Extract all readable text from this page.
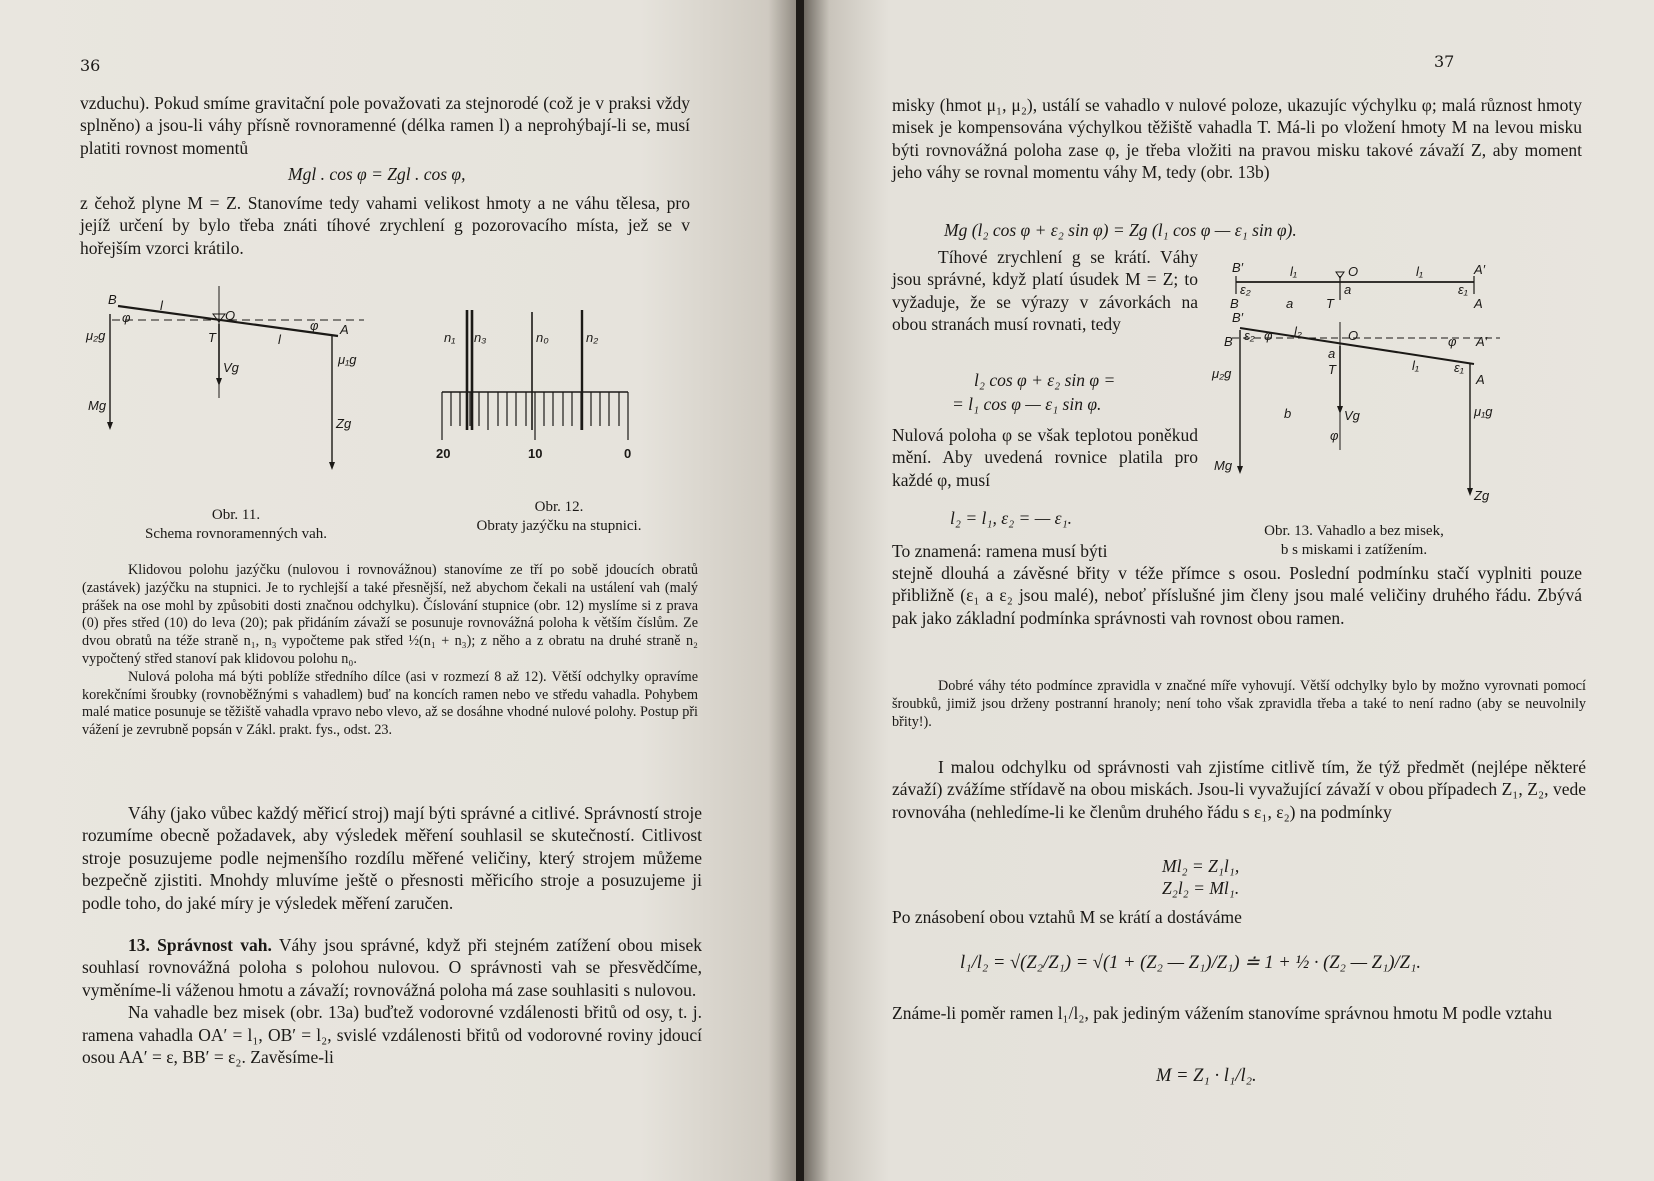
36

vzduchu). Pokud smíme gravitační pole považovati za stejnorodé (což je v praksi vždy splněno) a jsou-li váhy přísně rovnoramenné (délka ramen l) a neprohýbají-li se, musí platiti rovnost momentů

Mgl . cos φ = Zgl . cos φ,

z čehož plyne M = Z. Stanovíme tedy vahami velikost hmoty a ne váhu tělesa, pro jejíž určení by bylo třeba znáti tíhové zrychlení g pozorovacího místa, jež se v hořejším vzorci krátilo.

B	l
l
O
φ
A
φ
T
μ₂g
Vg
μ₁g
Mg
Zg
Obr. 11.
Schema rovnoramenných vah.
n₁ n₃	n₀	n₂
20	10	0
Obr. 12.
Obraty jazýčku na stupnici.

Klidovou polohu jazýčku (nulovou i rovnovážnou) stanovíme ze tří po sobě jdoucích obratů (zastávek) jazýčku na stupnici. Je to rychlejší a také přesnější, než abychom čekali na ustálení vah (malý prášek na ose mohl by způsobiti dosti značnou odchylku). Číslování stupnice (obr. 12) myslíme si z prava (0) přes střed (10) do leva (20); pak přidáním závaží se posunuje rovnovážná poloha k větším číslům. Ze dvou obratů na téže straně n₁, n₃ vypočteme pak střed ½(n₁ + n₃); z něho a z obratu na druhé straně n₂ vypočtený střed stanoví pak klidovou polohu n₀.

Nulová poloha má býti poblíže středního dílce (asi v rozmezí 8 až 12). Větší odchylky opravíme korekčními šroubky (rovnoběžnými s vahadlem) buď na koncích ramen nebo ve středu vahadla. Pohybem malé matice posunuje se těžiště vahadla vpravo nebo vlevo, až se dosáhne vhodné nulové polohy. Postup při vážení je zevrubně popsán v Zákl. prakt. fys., odst. 23.

Váhy (jako vůbec každý měřicí stroj) mají býti správné a citlivé. Správností stroje rozumíme obecně požadavek, aby výsledek měření souhlasil se skutečností. Citlivost stroje posuzujeme podle nejmenšího rozdílu měřené veličiny, který strojem můžeme bezpečně zjistiti. Mnohdy mluvíme ještě o přesnosti měřicího stroje a posuzujeme ji podle toho, do jaké míry je výsledek měření zaručen.

13. Správnost vah. Váhy jsou správné, když při stejném zatížení obou misek souhlasí rovnovážná poloha s polohou nulovou. O správnosti vah se přesvědčíme, vyměníme-li váženou hmotu a závaží; rovnovážná poloha má zase souhlasiti s nulovou.

Na vahadle bez misek (obr. 13a) buďtež vodorovné vzdálenosti břitů od osy, t. j. ramena vahadla OA′ = l₁, OB′ = l₂, svislé vzdálenosti břitů od vodorovné roviny jdoucí osou AA′ = ε, BB′ = ε₂. Zavěsíme-li

37

misky (hmot μ₁, μ₂), ustálí se vahadlo v nulové poloze, ukazujíc výchylku φ; malá různost hmoty misek je kompensována výchylkou těžiště vahadla T. Má-li po vložení hmoty M na levou misku býti rovnovážná poloha zase φ, je třeba vložiti na pravou misku takové závaží Z, aby moment jeho váhy se rovnal momentu váhy M, tedy (obr. 13b)

Mg (l₂ cos φ + ε₂ sin φ) = Zg (l₁ cos φ — ε₁ sin φ).

Tíhové zrychlení g se krátí. Váhy jsou správné, když platí úsudek M = Z; to vyžaduje, že se výrazy v závorkách na obou stranách musí rovnati, tedy

l₂ cos φ + ε₂ sin φ =
= l₁ cos φ — ε₁ sin φ.

Nulová poloha φ se však teplotou poněkud mění. Aby uvedená rovnice platila pro každé φ, musí

l₂ = l₁, ε₂ = — ε₁.

To znamená: ramena musí býti

stejně dlouhá a závěsné břity v téže přímce s osou. Poslední podmínku stačí vyplniti pouze přibližně (ε₁ a ε₂ jsou malé), neboť příslušné jim členy jsou malé veličiny druhého řádu. Zbývá pak jako základní podmínka správnosti vah rovnost obou ramen.

B′	l₁	O	l₁	A′
ε₂	a	ε₁
B	a	T	A
B′
B ε₂ φ l₂	O	φ A′
a
T	l₁	ε₁
A
μ₂g
b	Vg	μ₁g
φ
Mg
Zg
Obr. 13. Vahadlo a bez misek,
b s miskami i zatížením.

Dobré váhy této podmínce zpravidla v značné míře vyhovují. Větší odchylky bylo by možno vyrovnati pomocí šroubků, jimiž jsou drženy postranní hranoly; není toho však zpravidla třeba a také to není radno (aby se neuvolnily břity!).

I malou odchylku od správnosti vah zjistíme citlivě tím, že týž předmět (nejlépe některé závaží) zvážíme střídavě na obou miskách. Jsou-li vyvažující závaží v obou případech Z₁, Z₂, vede rovnováha (nehledíme-li ke členům druhého řádu s ε₁, ε₂) na podmínky

Ml₂ = Z₁l₁,
Z₂l₂ = Ml₁.

Po znásobení obou vztahů M se krátí a dostáváme

l₁/l₂ = √(Z₂/Z₁) = √(1 + (Z₂ — Z₁)/Z₁) ≐ 1 + ½ · (Z₂ — Z₁)/Z₁.

Známe-li poměr ramen l₁/l₂, pak jediným vážením stanovíme správnou hmotu M podle vztahu

M = Z₁ · l₁/l₂.
